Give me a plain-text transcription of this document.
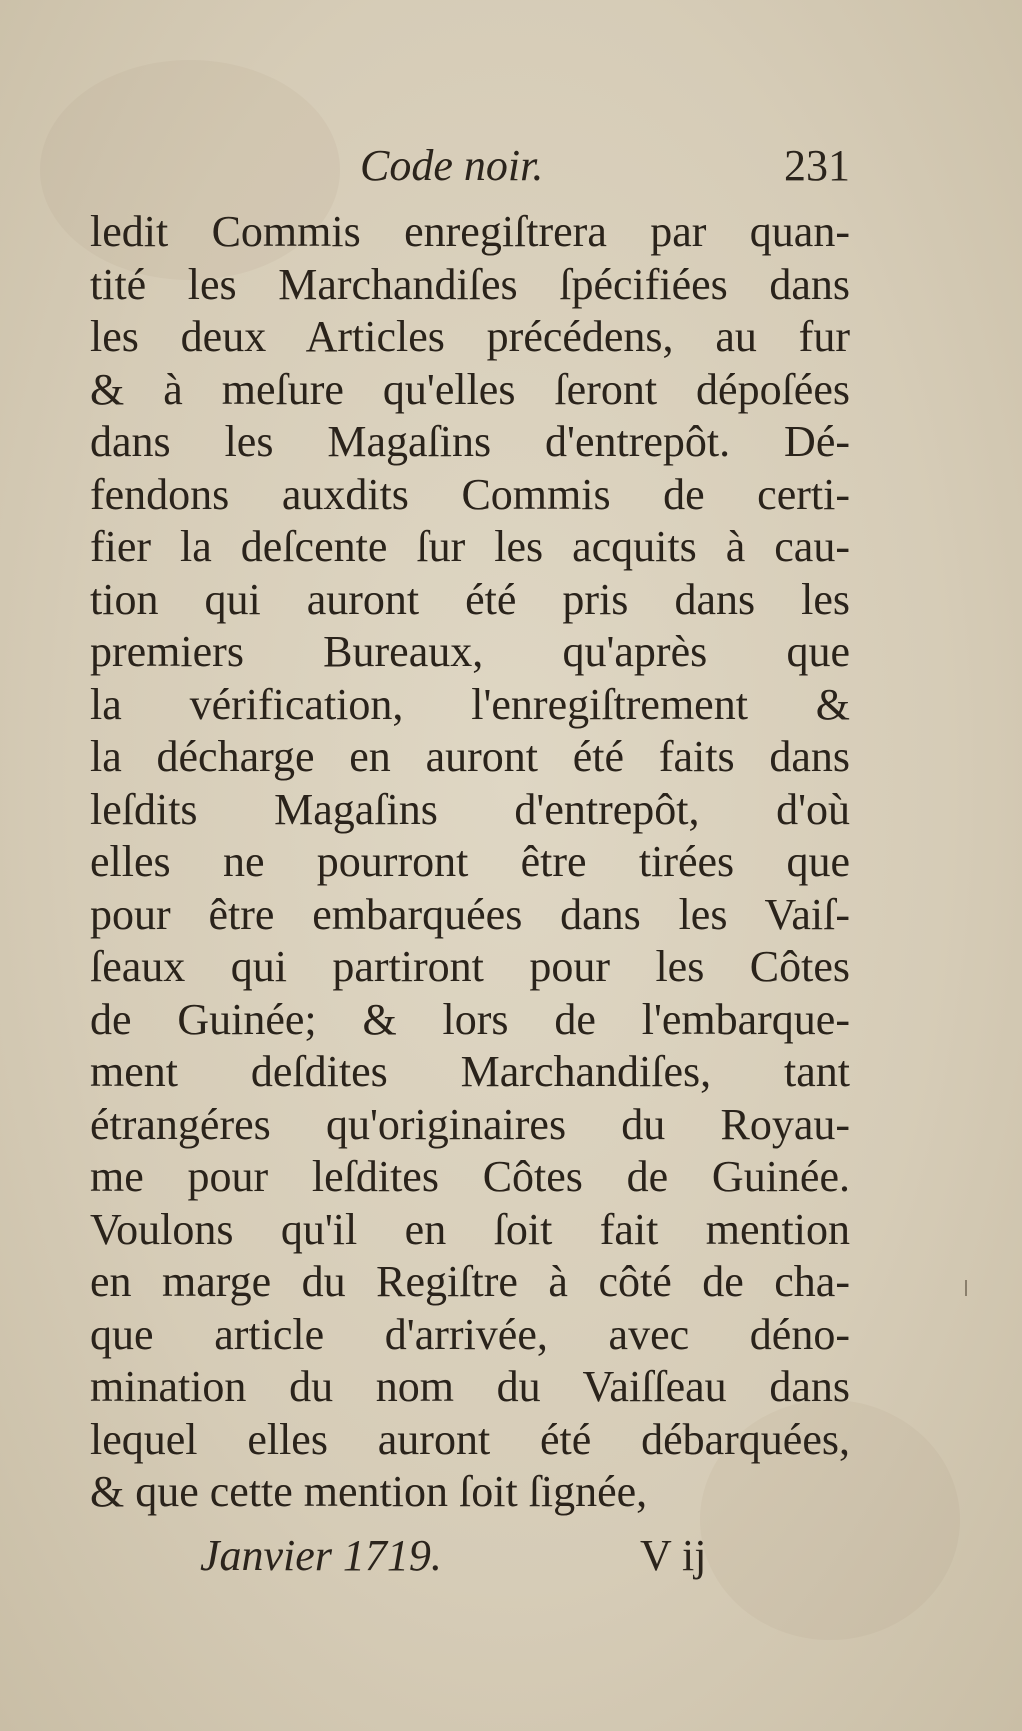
Code noir.	231
ledit Commis enregiſtrera par quan-
tité les Marchandiſes ſpécifiées dans
les deux Articles précédens, au fur
& à meſure qu'elles ſeront dépoſées
dans les Magaſins d'entrepôt. Dé-
fendons auxdits Commis de certi-
fier la deſcente ſur les acquits à cau-
tion qui auront été pris dans les
premiers Bureaux, qu'après que
la vérification, l'enregiſtrement &
la décharge en auront été faits dans
leſdits Magaſins d'entrepôt, d'où
elles ne pourront être tirées que
pour être embarquées dans les Vaiſ-
ſeaux qui partiront pour les Côtes
de Guinée; & lors de l'embarque-
ment deſdites Marchandiſes, tant
étrangéres qu'originaires du Royau-
me pour leſdites Côtes de Guinée.
Voulons qu'il en ſoit fait mention
en marge du Regiſtre à côté de cha-
que article d'arrivée, avec déno-
mination du nom du Vaiſſeau dans
lequel elles auront été débarquées,
& que cette mention ſoit ſignée,
Janvier 1719.	V ij
